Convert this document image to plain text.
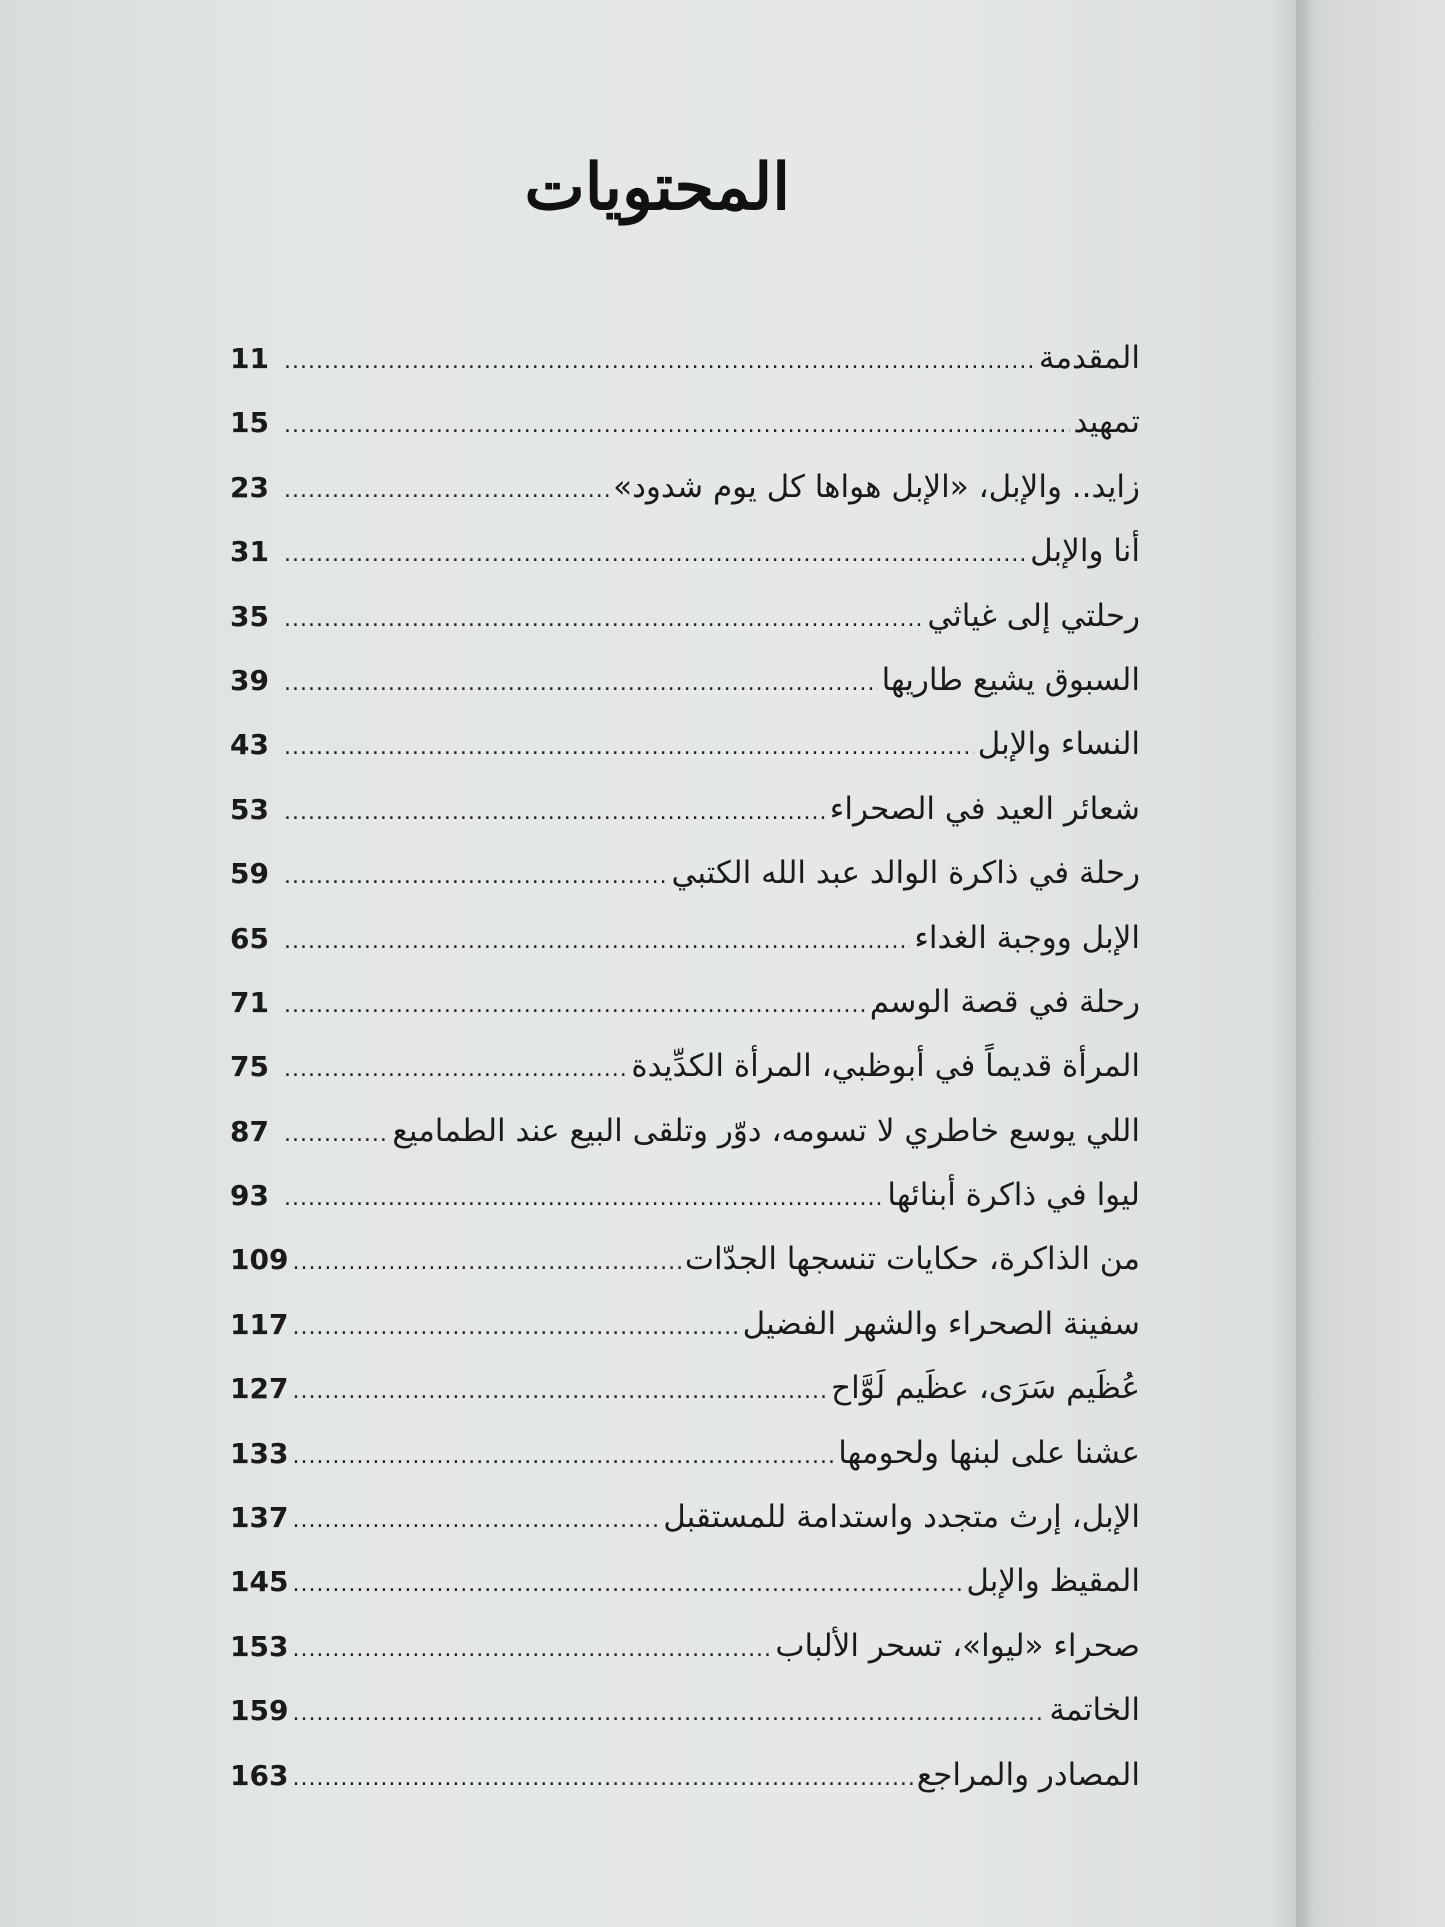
المحتويات
المقدمة
.....
11
تمهيد
.....
15
زايد.. والإبل، «الإبل هواها كل يوم شدود»
.....
23
أنا والإبل
.....
31
رحلتي إلى غياثي
.....
35
السبوق يشيع طاريها
.....
39
النساء والإبل
.....
43
شعائر العيد في الصحراء
.....
53
رحلة في ذاكرة الوالد عبد الله الكتبي
.....
59
الإبل ووجبة الغداء
.....
65
رحلة في قصة الوسم
.....
71
المرأة قديماً في أبوظبي، المرأة الكدِّيدة
.....
75
اللي يوسع خاطري لا تسومه، دوّر وتلقى البيع عند الطماميع
.....
87
ليوا في ذاكرة أبنائها
.....
93
من الذاكرة، حكايات تنسجها الجدّات
.....
109
سفينة الصحراء والشهر الفضيل
.....
117
عُظَيم سَرَى، عظَيم لَوَّاح
.....
127
عشنا على لبنها ولحومها
.....
133
الإبل، إرث متجدد واستدامة للمستقبل
.....
137
المقيظ والإبل
.....
145
صحراء «ليوا»، تسحر الألباب
.....
153
الخاتمة
.....
159
المصادر والمراجع
.....
163
